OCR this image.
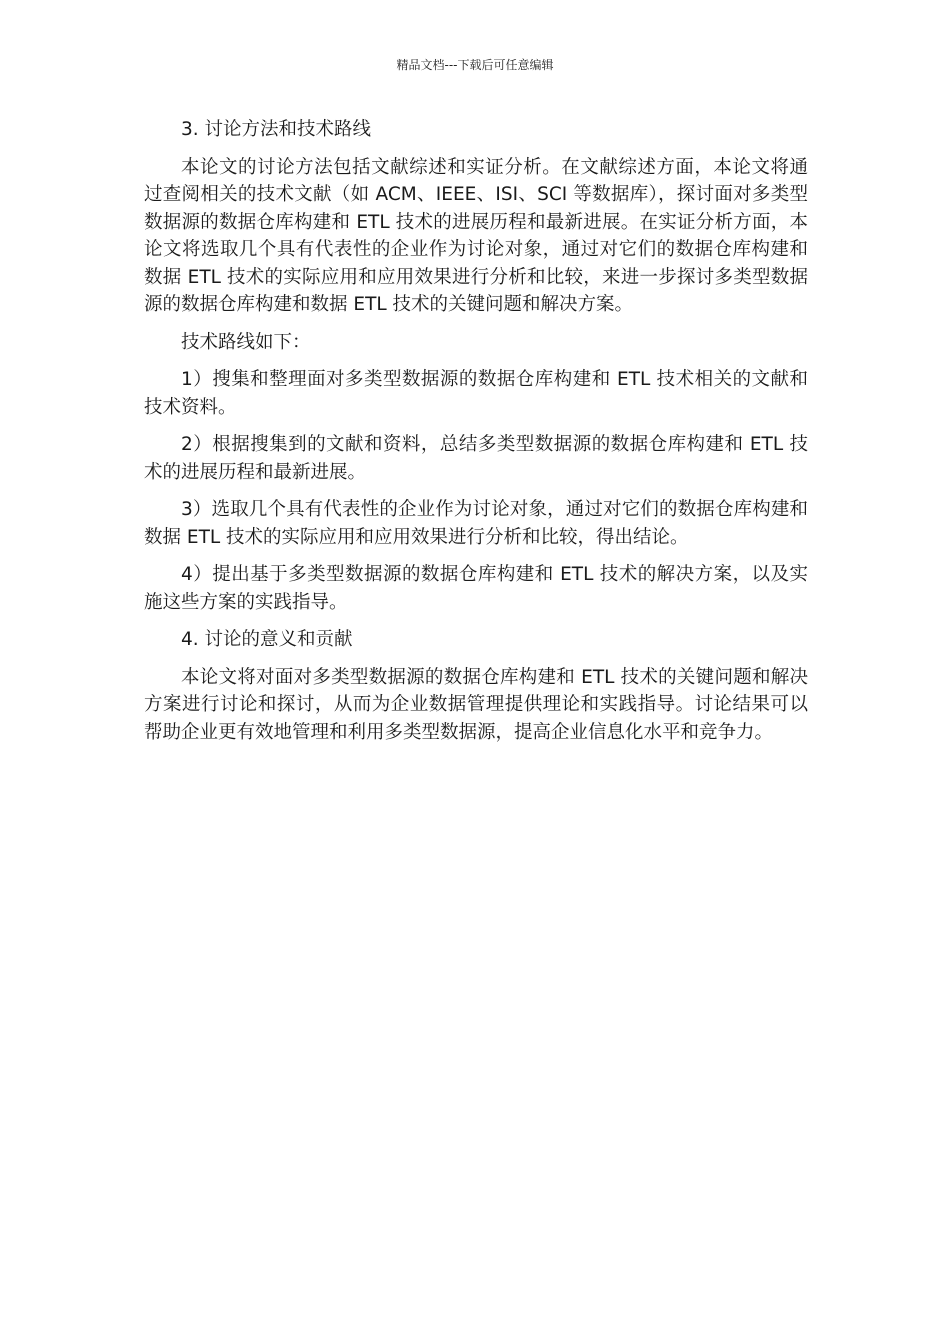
精品文档---下载后可任意编辑

3. 讨论方法和技术路线

本论文的讨论方法包括文献综述和实证分析。在文献综述方面，本论文将通过查阅相关的技术文献（如 ACM、IEEE、ISI、SCI 等数据库），探讨面对多类型数据源的数据仓库构建和 ETL 技术的进展历程和最新进展。在实证分析方面，本论文将选取几个具有代表性的企业作为讨论对象，通过对它们的数据仓库构建和数据 ETL 技术的实际应用和应用效果进行分析和比较，来进一步探讨多类型数据源的数据仓库构建和数据 ETL 技术的关键问题和解决方案。

技术路线如下：

1）搜集和整理面对多类型数据源的数据仓库构建和 ETL 技术相关的文献和技术资料。

2）根据搜集到的文献和资料，总结多类型数据源的数据仓库构建和 ETL 技术的进展历程和最新进展。

3）选取几个具有代表性的企业作为讨论对象，通过对它们的数据仓库构建和数据 ETL 技术的实际应用和应用效果进行分析和比较，得出结论。

4）提出基于多类型数据源的数据仓库构建和 ETL 技术的解决方案，以及实施这些方案的实践指导。

4. 讨论的意义和贡献

本论文将对面对多类型数据源的数据仓库构建和 ETL 技术的关键问题和解决方案进行讨论和探讨，从而为企业数据管理提供理论和实践指导。讨论结果可以帮助企业更有效地管理和利用多类型数据源，提高企业信息化水平和竞争力。
